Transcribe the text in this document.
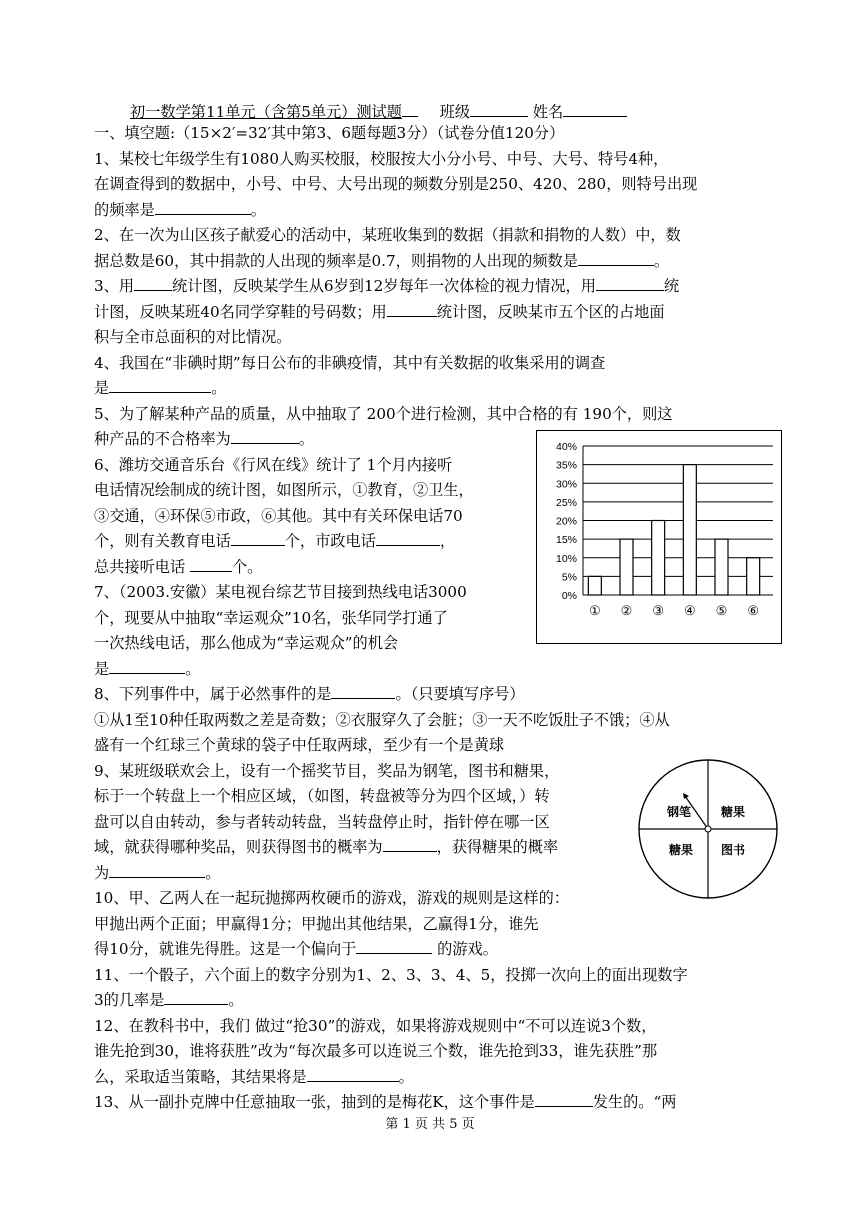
初一数学第11单元（含第5单元）测试题 班级	姓名
一、填空题:（15×2′=32′其中第3、6题每题3分）（试卷分值120分）
1、某校七年级学生有1080人购买校服，校服按大小分小号、中号、大号、特号4种，
在调查得到的数据中，小号、中号、大号出现的频数分别是250、420、280，则特号出现
的频率是	。
2、在一次为山区孩子献爱心的活动中，某班收集到的数据（捐款和捐物的人数）中，数
据总数是60，其中捐款的人出现的频率是0.7，则捐物的人出现的频数是	。
3、用	统计图，反映某学生从6岁到12岁每年一次体检的视力情况，用	统
计图，反映某班40名同学穿鞋的号码数；用	统计图，反映某市五个区的占地面
积与全市总面积的对比情况。
4、我国在“非碘时期”每日公布的非碘疫情，其中有关数据的收集采用的调查
是	。
5、为了解某种产品的质量，从中抽取了 200个进行检测，其中合格的有 190个，则这
种产品的不合格率为	。
6、潍坊交通音乐台《行风在线》统计了 1个月内接听
电话情况绘制成的统计图，如图所示，①教育，②卫生，
③交通，④环保⑤市政，⑥其他。其中有关环保电话70
个，则有关教育电话	个，市政电话	，
总共接听电话	个。
7、（2003.安徽）某电视台综艺节目接到热线电话3000
个，现要从中抽取“幸运观众”10名，张华同学打通了
一次热线电话，那么他成为“幸运观众”的机会
是	。
8、下列事件中，属于必然事件的是	。（只要填写序号）
①从1至10种任取两数之差是奇数；②衣服穿久了会脏；③一天不吃饭肚子不饿；④从
盛有一个红球三个黄球的袋子中任取两球，至少有一个是黄球
9、某班级联欢会上，设有一个摇奖节目，奖品为钢笔，图书和糖果，
标于一个转盘上一个相应区域，（如图，转盘被等分为四个区域，）转
盘可以自由转动，参与者转动转盘，当转盘停止时，指针停在哪一区
域，就获得哪种奖品，则获得图书的概率为	，获得糖果的概率
为	。
10、甲、乙两人在一起玩抛掷两枚硬币的游戏，游戏的规则是这样的：
甲抛出两个正面；甲赢得1分；甲抛出其他结果，乙赢得1分，谁先
得10分，就谁先得胜。这是一个偏向于	的游戏。
11、一个骰子，六个面上的数字分别为1、2、3、3、4、5，投掷一次向上的面出现数字
3的几率是	。
12、在教科书中，我们 做过“抢30”的游戏，如果将游戏规则中“不可以连说3个数，
谁先抢到30，谁将获胜”改为“每次最多可以连说三个数，谁先抢到33，谁先获胜”那
么，采取适当策略，其结果将是	。
13、从一副扑克牌中任意抽取一张，抽到的是梅花K，这个事件是	发生的。“两
0%
5%
10%
15%
20%
25%
30%
35%
40%
① ② ③ ④ ⑤ ⑥
钢笔 糖果
糖果 图书
第 1 页 共 5 页
